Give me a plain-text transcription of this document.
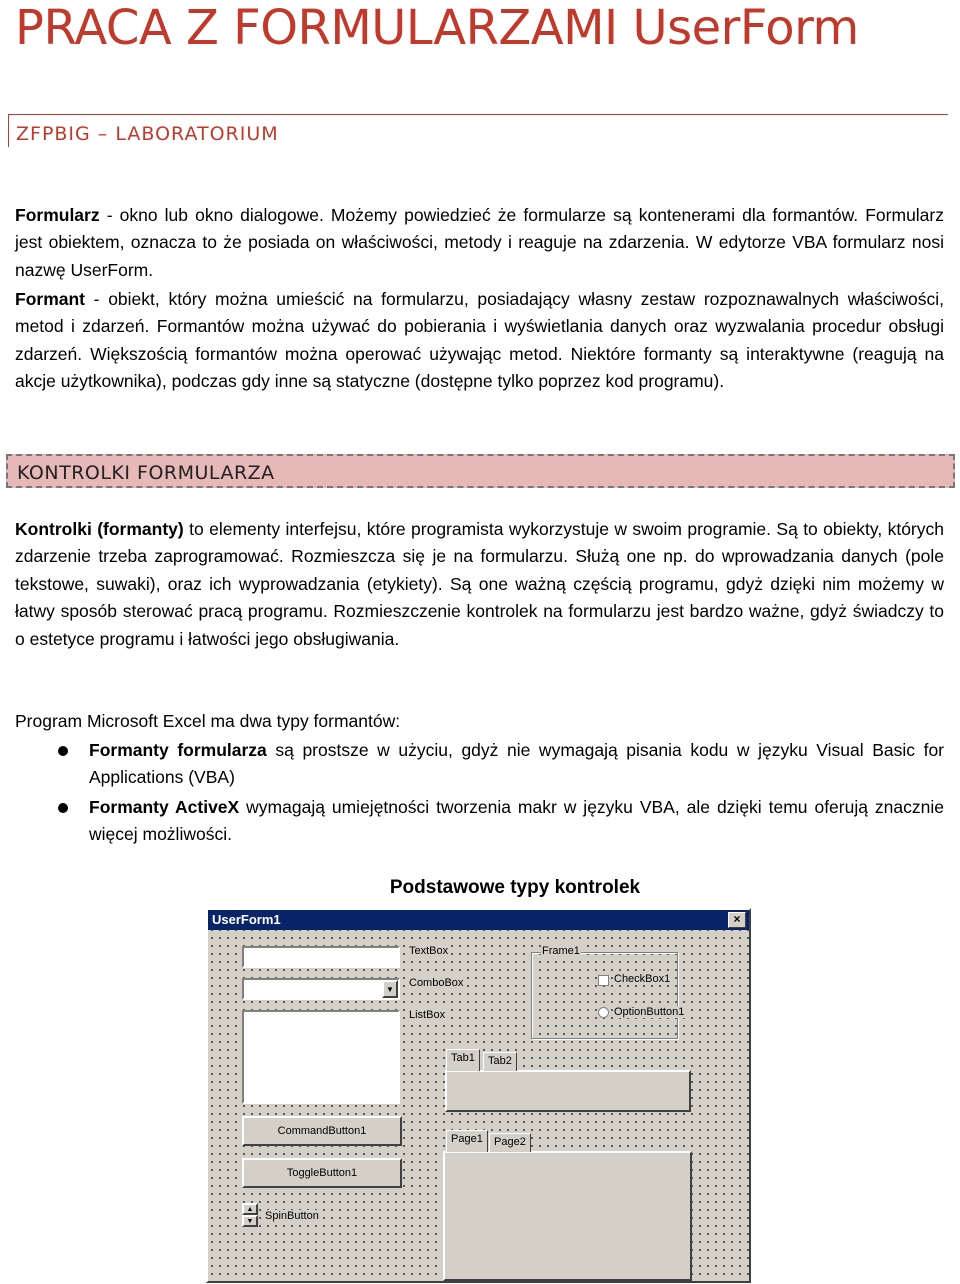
PRACA Z FORMULARZAMI UserForm
ZFPBIG – LABORATORIUM
Formularz - okno lub okno dialogowe. Możemy powiedzieć że formularze są kontenerami dla formantów. Formularz jest obiektem, oznacza to że posiada on właściwości, metody i reaguje na zdarzenia. W edytorze VBA formularz nosi nazwę UserForm.
Formant - obiekt, który można umieścić na formularzu, posiadający własny zestaw rozpoznawalnych właściwości, metod i zdarzeń. Formantów można używać do pobierania i wyświetlania danych oraz wyzwalania procedur obsługi zdarzeń. Większością formantów można operować używając metod. Niektóre formanty są interaktywne (reagują na akcje użytkownika), podczas gdy inne są statyczne (dostępne tylko poprzez kod programu).
KONTROLKI FORMULARZA
Kontrolki (formanty) to elementy interfejsu, które programista wykorzystuje w swoim programie. Są to obiekty, których zdarzenie trzeba zaprogramować. Rozmieszcza się je na formularzu. Służą one np. do wprowadzania danych (pole tekstowe, suwaki), oraz ich wyprowadzania (etykiety). Są one ważną częścią programu, gdyż dzięki nim możemy w łatwy sposób sterować pracą programu. Rozmieszczenie kontrolek na formularzu jest bardzo ważne, gdyż świadczy to o estetyce programu i łatwości jego obsługiwania.
Program Microsoft Excel ma dwa typy formantów:
Formanty formularza są prostsze w użyciu, gdyż nie wymagają pisania kodu w języku Visual Basic for Applications (VBA)
Formanty ActiveX wymagają umiejętności tworzenia makr w języku VBA, ale dzięki temu oferują znacznie więcej możliwości.
Podstawowe typy kontrolek
UserForm1	×
TextBox
▼
ComboBox
ListBox
Frame1
CheckBox1
OptionButton1
Tab1	Tab2
Page1	Page2
CommandButton1
ToggleButton1
▲
▼	SpinButton
